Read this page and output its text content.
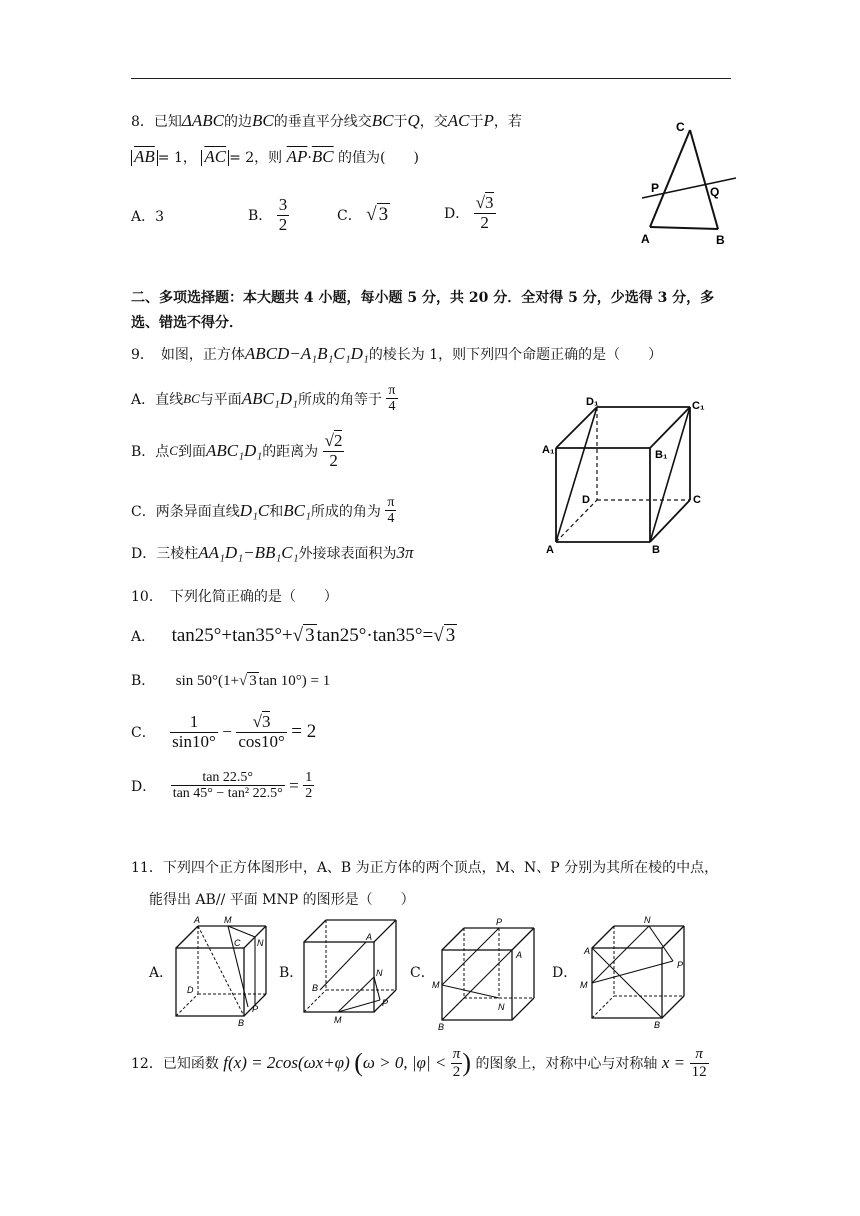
8．已知ΔABC的边BC的垂直平分线交BC于Q，交AC于P，若
$\overline{AB} = 1$， $\overline{AC} = 2$，则 $\overline{AP}\cdot\overline{BC}$ 的值为(　　)
A．3	B． $\frac{3}{2}$	C． √ 3	D． $\frac{√3}{2}$
C
P	Q
A	B
二、多项选择题：本大题共 4 小题，每小题 5 分，共 20 分．全对得 5 分，少选得 3 分，多
选、错选不得分．
9．　如图，正方体ABCD−A₁B₁C₁D₁的棱长为 1，则下列四个命题正确的是（　　）
A．直线BC与平面ABC₁D₁所成的角等于 $\frac{\pi}{4}$
B．点C到面ABC₁D₁的距离为 $\frac{√2}{2}$
C．两条异面直线D₁C和BC₁所成的角为 $\frac{\pi}{4}$
D．三棱柱AA₁D₁−BB₁C₁外接球表面积为3π
D₁	C₁
A₁	B₁
D	C
A	B
10．　下列化简正确的是（　　）
A． tan25°+tan35°+√ 3 tan25°·tan35°=√ 3
B． sin 50°(1+√ 3 tan 10°) = 1
C． $\frac{1}{\sin 10^\circ} - \frac{√3}{\cos 10^\circ} = 2$
D． $\frac{\tan 22.5^\circ}{\text{tan 45° − tan² 22.5°}} = \frac{1}{2}$
11．下列四个正方体图形中，A、B 为正方体的两个顶点，M、N、P 分别为其所在棱的中点，
能得出 AB// 平面 MNP 的图形是（　　）
A．	B．	C．	D．
A	M
C N
D
P
B
A
N
B
P
M
P
A
M
N
B
N
A
P
M
B
12．已知函数 f(x) = 2cos(ωx+φ) (ω > 0, $|\varphi| < \frac{\pi}{2}$ ) 的图象上，对称中心与对称轴 $x = \frac{\pi}{12}$
